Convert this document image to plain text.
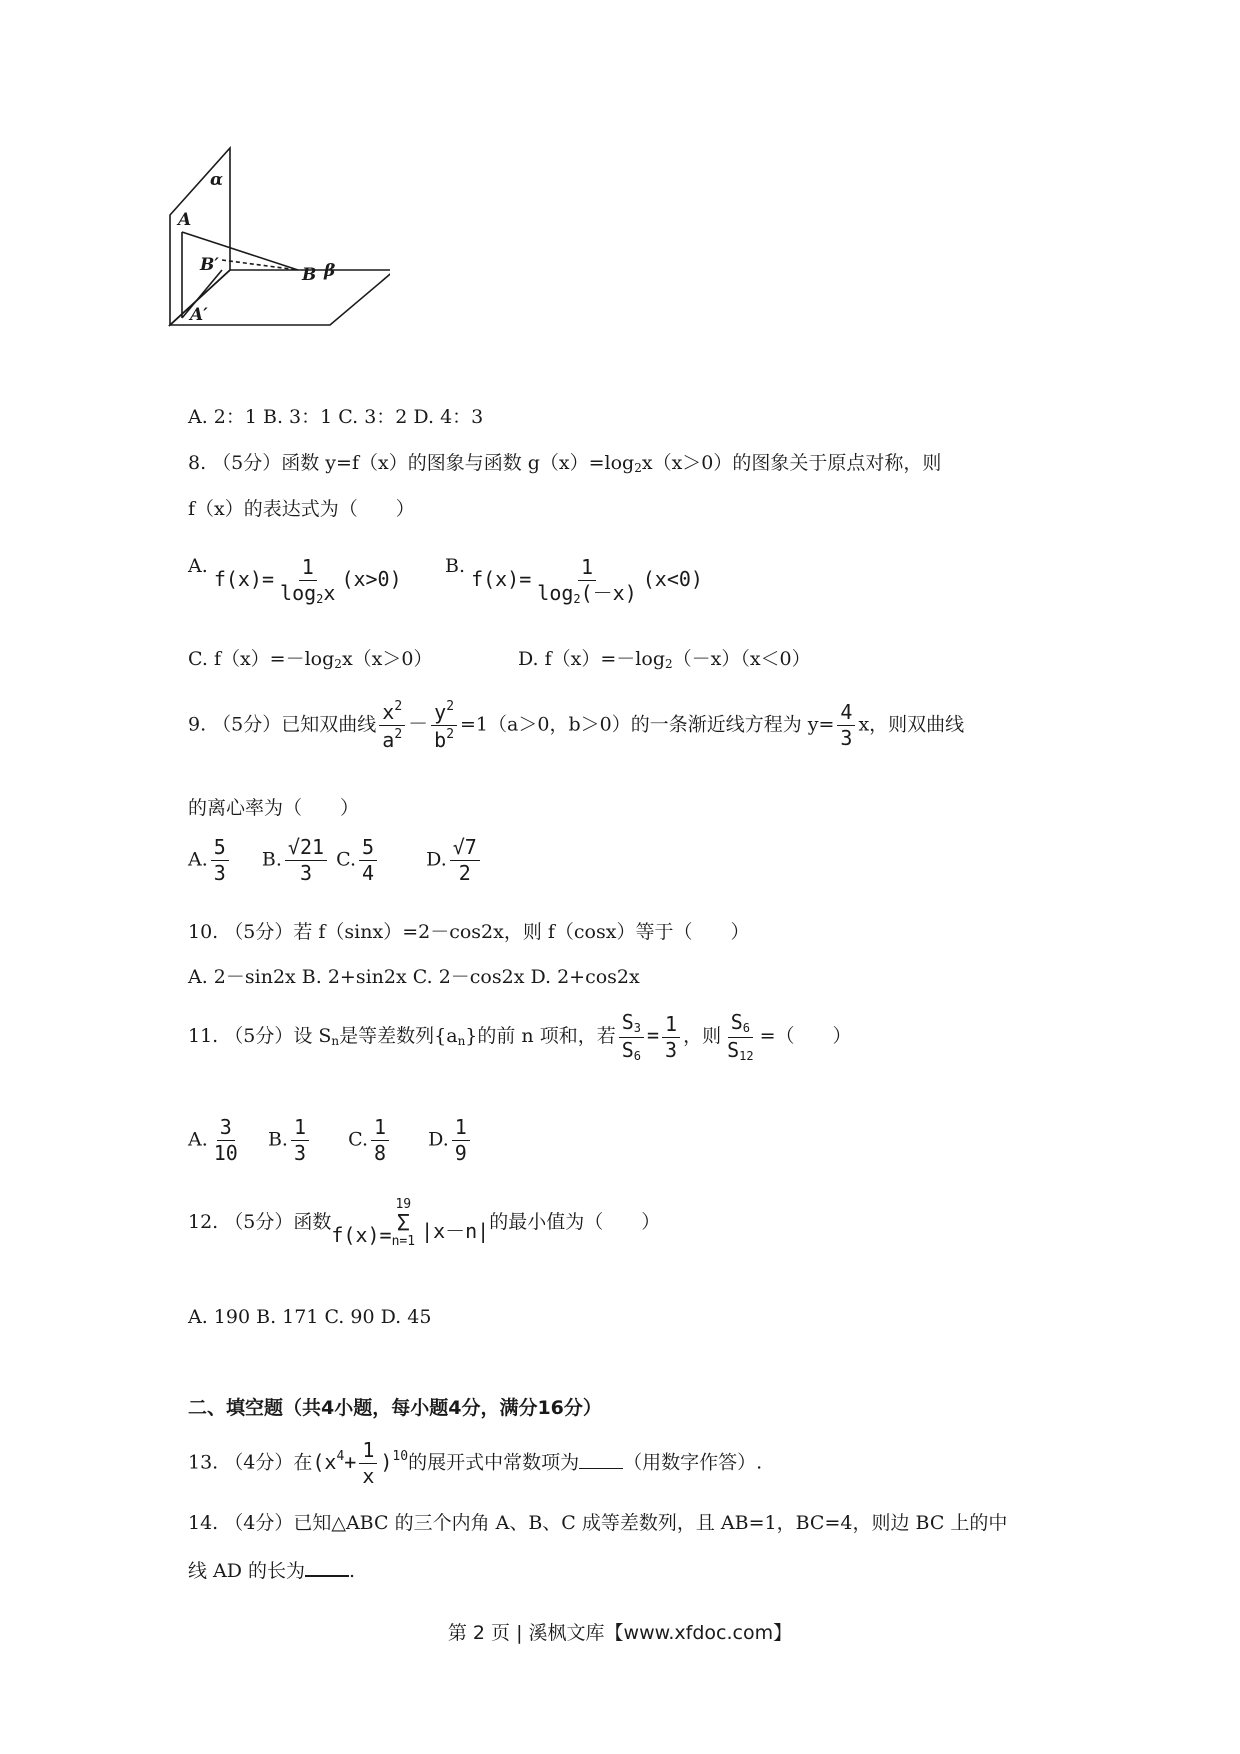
α
A
B′	B β
A′
A. 2：1 B. 3：1 C. 3：2 D. 4：3
8. （5分）函数 y=f（x）的图象与函数 $g(x)=\log_2x(x>0)$的图象关于原点对称，则
f（x）的表达式为（　　）
A. $f(x)= \frac{1}{\log_2x} (x>0)$
B. $f(x)= \frac{1}{\log_2(-x)} (x<0)$
C. $f(x)=-\log_2x(x>0)$	D. $f(x)=-\log_2(-x)(x<0)$
9. （5分）已知双曲线 $\frac{x^2}{a^2} - \frac{y^2}{b^2} =1(a>0$，b＞0）的一条渐近线方程为 $y= \frac{4}{3}$ x，则双曲线
的离心率为（　　）
A. $\frac{5}{3} B$. $\frac{√21}{3} C$. $\frac{5}{4}$	D. $\frac{√7}{2}$
10. （5分）若 f（sinx）=2－cos2x，则 f（cosx）等于（　　）
A. 2－sin2x B. 2+sin2x C. 2－cos2x D. 2+cos2x
11. （5分）设 $S_n$是等差数列$\{a_n\}$的前 n 项和，若 $\frac{S_3}{S_6} = \frac{1}{3}$ ，则 $\frac{S_6}{S_{12}}$ =（　　）
A. $\frac{3}{10} B$. $\frac{1}{3} C$. $\frac{1}{8} D$. $\frac{1}{9}$
12. （5分）函数f(x)=
19
Σ
n=1 |x－n|的最小值为（　　）
A. 190 B. 171 C. 90 D. 45
二、填空题（共4小题，每小题4分，满分16分）
13. （4分）在$(x^4+ \frac{1}{x} )^{10}$的展开式中常数项为 （用数字作答）.
14. （4分）已知△ABC 的三个内角 A、B、C 成等差数列，且 AB=1，BC=4，则边 BC 上的中
线 AD 的长为 .
第 2 页 | 溪枫文库【www.xfdoc.com】
